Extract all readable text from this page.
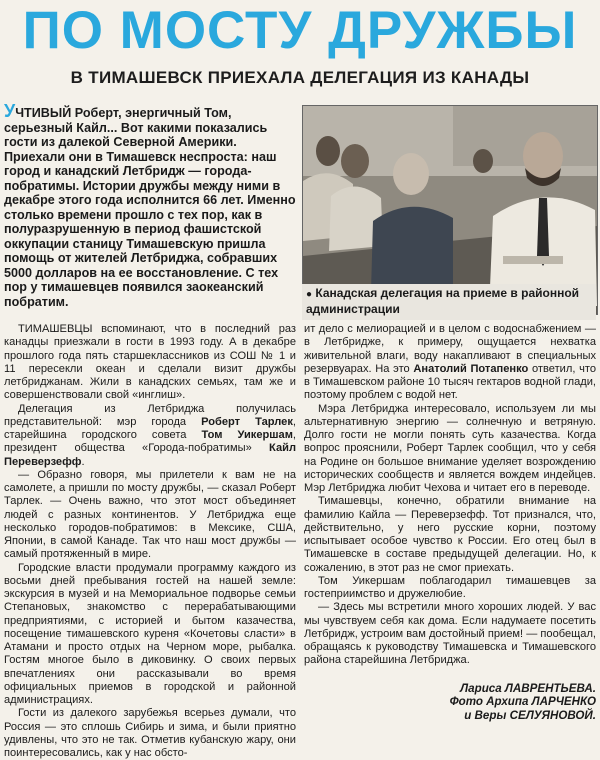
ПО МОСТУ ДРУЖБЫ
В ТИМАШЕВСК ПРИЕХАЛА ДЕЛЕГАЦИЯ ИЗ КАНАДЫ
УЧТИВЫЙ Роберт, энергичный Том, серьезный Кайл... Вот какими показались гости из далекой Северной Америки. Приехали они в Тимашевск неспроста: наш город и канадский Летбридж — города-побратимы. Истории дружбы между ними в декабре этого года исполнится 66 лет. Именно столько времени прошло с тех пор, как в полуразрушенную в период фашистской оккупации станицу Тимашевскую пришла помощь от жителей Летбриджа, собравших 5000 долларов на ее восстановление. С тех пор у тимашевцев появился заокеанский побратим.	● Канадская делегация на приеме в районной администрации

ТИМАШЕВЦЫ вспоминают, что в последний раз канадцы приезжали в гости в 1993 году. А в декабре прошлого года пять старшеклассников из СОШ № 1 и 11 пересекли океан и сделали визит дружбы летбриджанам. Жили в канадских семьях, там же и совершенствовали свой «инглиш».

Делегация из Летбриджа получилась представительной: мэр города Роберт Тарлек, старейшина городского совета Том Уикершам, президент общества «Города-побратимы» Кайл Переверзефф.

— Образно говоря, мы прилетели к вам не на самолете, а пришли по мосту дружбы, — сказал Роберт Тарлек. — Очень важно, что этот мост объединяет людей с разных континентов. У Летбриджа еще несколько городов-побратимов: в Мексике, США, Японии, в самой Канаде. Так что наш мост дружбы — самый протяженный в мире.

Городские власти продумали программу каждого из восьми дней пребывания гостей на нашей земле: экскурсия в музей и на Мемориальное подворье семьи Степановых, знакомство с перерабатывающими предприятиями, с историей и бытом казачества, посещение тимашевского куреня «Кочетовы сласти» в Атамани и просто отдых на Черном море, рыбалка. Гостям многое было в диковинку. О своих первых впечатлениях они рассказывали во время официальных приемов в городской и районной администрациях.

Гости из далекого зарубежья всерьез думали, что Россия — это сплошь Сибирь и зима, и были приятно удивлены, что это не так. Отметив кубанскую жару, они поинтересовались, как у нас обсто-

ит дело с мелиорацией и в целом с водоснабжением — в Летбридже, к примеру, ощущается нехватка живительной влаги, воду накапливают в специальных резервуарах. На это Анатолий Потапенко ответил, что в Тимашевском районе 10 тысяч гектаров водной глади, поэтому проблем с водой нет.

Мэра Летбриджа интересовало, используем ли мы альтернативную энергию — солнечную и ветряную. Долго гости не могли понять суть казачества. Когда вопрос прояснили, Роберт Тарлек сообщил, что у себя на Родине он большое внимание уделяет возрождению исторических сообществ и является вождем индейцев. Мэр Летбриджа любит Чехова и читает его в переводе.

Тимашевцы, конечно, обратили внимание на фамилию Кайла — Переверзефф. Тот признался, что, действительно, у него русские корни, поэтому испытывает особое чувство к России. Его отец был в Тимашевске в составе предыдущей делегации. Но, к сожалению, в этот раз не смог приехать.

Том Уикершам поблагодарил тимашевцев за гостеприимство и дружелюбие.

— Здесь мы встретили много хороших людей. У вас мы чувствуем себя как дома. Если надумаете посетить Летбридж, устроим вам достойный прием! — пообещал, обращаясь к руководству Тимашевска и Тимашевского района старейшина Летбриджа.

Лариса ЛАВРЕНТЬЕВА.
Фото Архипа ЛАРЧЕНКО
и Веры СЕЛУЯНОВОЙ.
